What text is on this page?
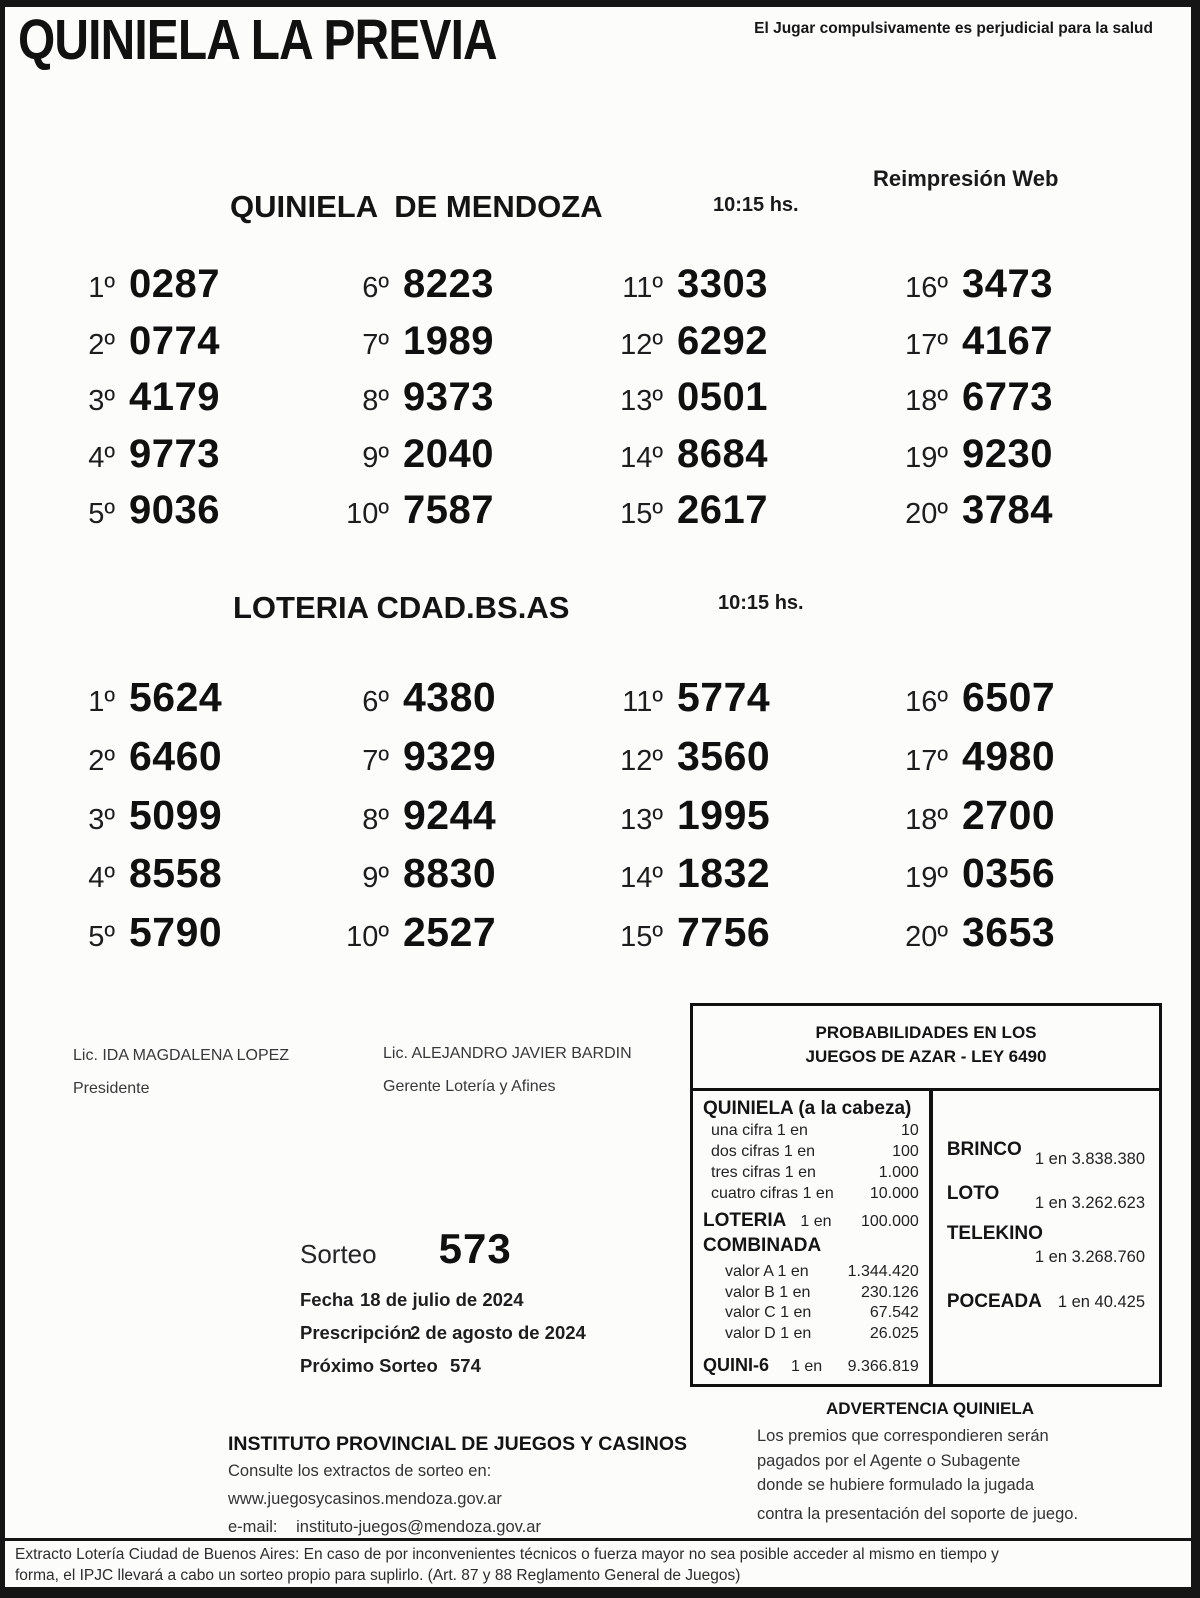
QUINIELA LA PREVIA	El Jugar compulsivamente es perjudicial para la salud
QUINIELA  DE MENDOZA	10:15 hs.
Reimpresión Web
1º 0287
2º 0774
3º 4179
4º 9773
5º 9036
6º 8223
7º 1989
8º 9373
9º 2040
10º 7587
11º 3303
12º 6292
13º 0501
14º 8684
15º 2617
16º 3473
17º 4167
18º 6773
19º 9230
20º 3784
LOTERIA CDAD.BS.AS	10:15 hs.
1º 5624
2º 6460
3º 5099
4º 8558
5º 5790
6º 4380
7º 9329
8º 9244
9º 8830
10º 2527
11º 5774
12º 3560
13º 1995
14º 1832
15º 7756
16º 6507
17º 4980
18º 2700
19º 0356
20º 3653
Lic. IDA MAGDALENA LOPEZ
Presidente
Lic. ALEJANDRO JAVIER BARDIN
Gerente Lotería y Afines
PROBABILIDADES EN LOS
JUEGOS DE AZAR - LEY 6490
QUINIELA (a la cabeza)
una cifra 1 en	10
dos cifras 1 en	100
tres cifras 1 en	1.000
cuatro cifras 1 en 10.000
LOTERIA 1 en 100.000
COMBINADA
valor A 1 en 1.344.420
valor B 1 en	230.126
valor C 1 en	67.542
valor D 1 en	26.025
QUINI-6 1 en 9.366.819
BRINCO 1 en 3.838.380
LOTO 1 en 3.262.623
TELEKINO
1 en 3.268.760
POCEADA 1 en 40.425
Sorteo 573
Fecha 18 de julio de 2024
Prescripción
2 de agosto de 2024
Próximo Sorteo 574
INSTITUTO PROVINCIAL DE JUEGOS Y CASINOS
Consulte los extractos de sorteo en:
www.juegosycasinos.mendoza.gov.ar
e-mail: instituto-juegos@mendoza.gov.ar
ADVERTENCIA QUINIELA
Los premios que correspondieren serán
pagados por el Agente o Subagente
donde se hubiere formulado la jugada
contra la presentación del soporte de juego.
Extracto Lotería Ciudad de Buenos Aires: En caso de por inconvenientes técnicos o fuerza mayor no sea posible acceder al mismo en tiempo y
forma, el IPJC llevará a cabo un sorteo propio para suplirlo. (Art. 87 y 88 Reglamento General de Juegos)
